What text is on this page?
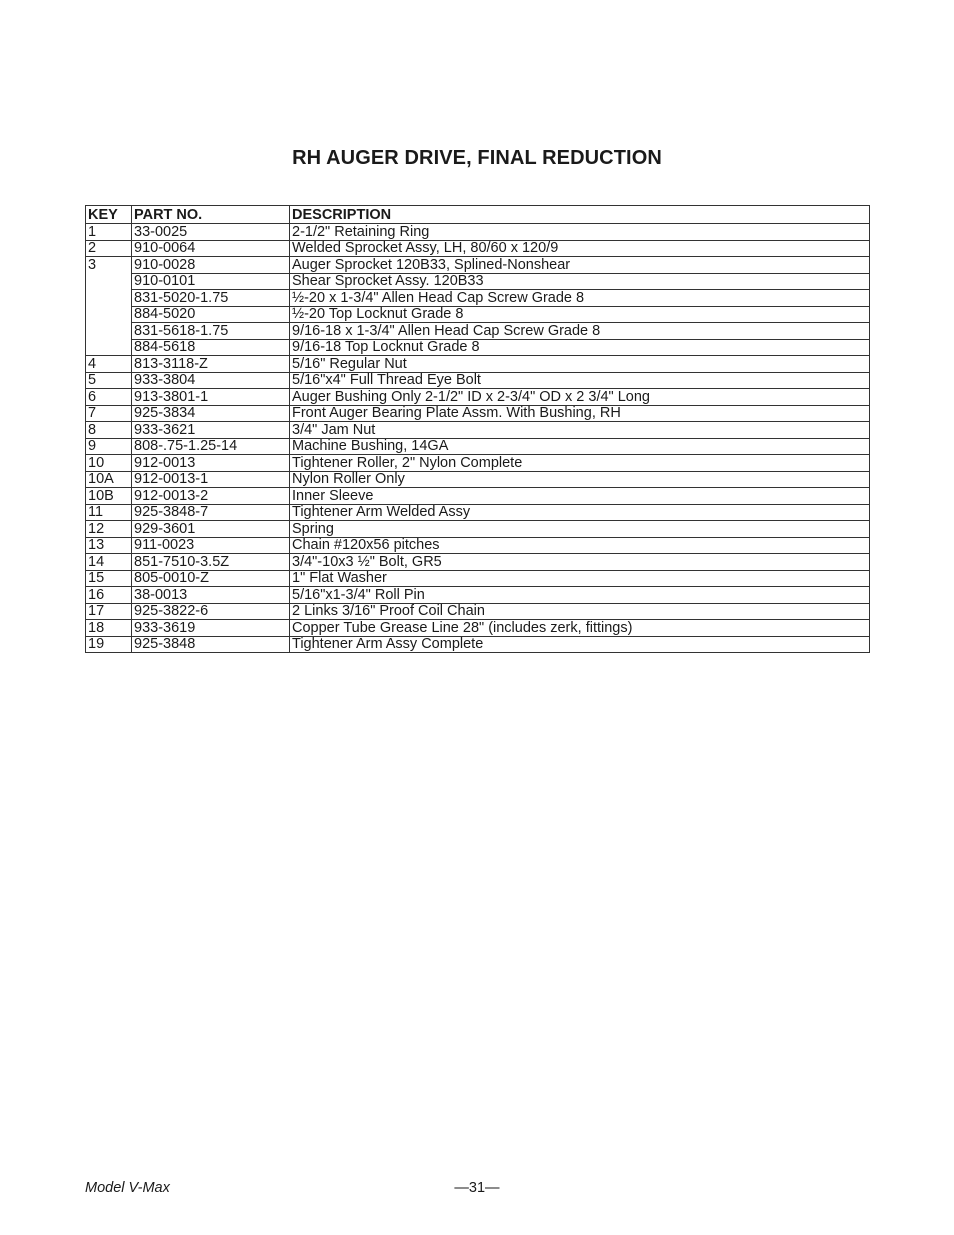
RH AUGER DRIVE, FINAL REDUCTION
KEY	PART NO.	DESCRIPTION
1	33-0025	2-1/2" Retaining Ring
2	910-0064	Welded Sprocket Assy, LH, 80/60 x 120/9
3	910-0028	Auger Sprocket 120B33, Splined-Nonshear
	910-0101	Shear Sprocket Assy. 120B33
	831-5020-1.75	½-20 x 1-3/4" Allen Head Cap Screw Grade 8
	884-5020	½-20 Top Locknut Grade 8
	831-5618-1.75	9/16-18 x 1-3/4" Allen Head Cap Screw Grade 8
	884-5618	9/16-18 Top Locknut Grade 8
4	813-3118-Z	5/16" Regular Nut
5	933-3804	5/16"x4" Full Thread Eye Bolt
6	913-3801-1	Auger Bushing Only 2-1/2" ID x 2-3/4" OD x 2 3/4" Long
7	925-3834	Front Auger Bearing Plate Assm. With Bushing, RH
8	933-3621	3/4" Jam Nut
9	808-.75-1.25-14	Machine Bushing, 14GA
10	912-0013	Tightener Roller, 2" Nylon Complete
10A	912-0013-1	Nylon Roller Only
10B	912-0013-2	Inner Sleeve
11	925-3848-7	Tightener Arm Welded Assy
12	929-3601	Spring
13	911-0023	Chain #120x56 pitches
14	851-7510-3.5Z	3/4"-10x3 ½" Bolt, GR5
15	805-0010-Z	1" Flat Washer
16	38-0013	5/16"x1-3/4" Roll Pin
17	925-3822-6	2 Links 3/16" Proof Coil Chain
18	933-3619	Copper Tube Grease Line 28" (includes zerk, fittings)
19	925-3848	Tightener Arm Assy Complete
Model V-Max	—31—
